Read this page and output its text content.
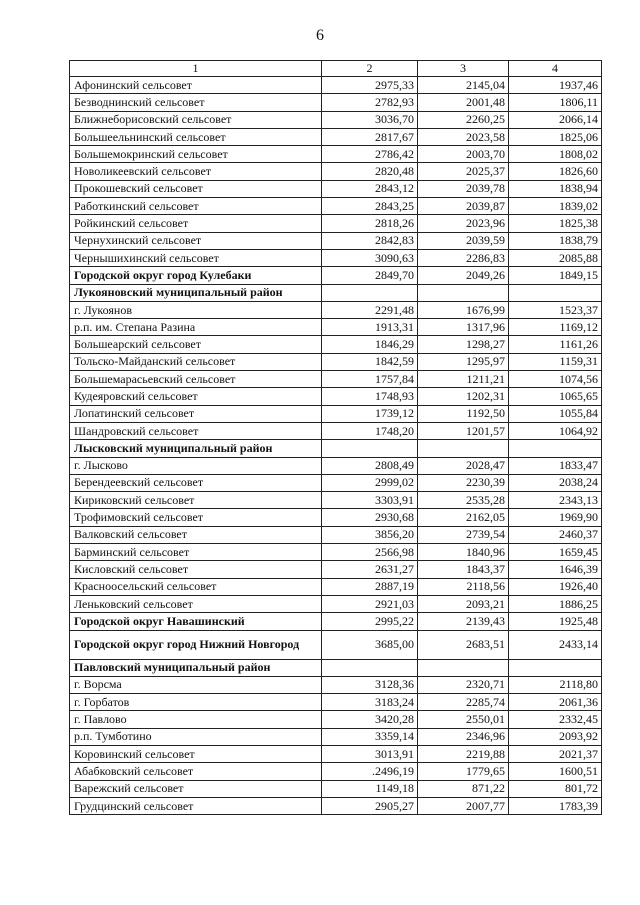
6
1	2	3	4
Афонинский сельсовет	2975,33	2145,04	1937,46
Безводнинский сельсовет	2782,93	2001,48	1806,11
Ближнеборисовский сельсовет	3036,70	2260,25	2066,14
Большеельнинский сельсовет	2817,67	2023,58	1825,06
Большемокринский сельсовет	2786,42	2003,70	1808,02
Новоликеевский сельсовет	2820,48	2025,37	1826,60
Прокошевский сельсовет	2843,12	2039,78	1838,94
Работкинский сельсовет	2843,25	2039,87	1839,02
Ройкинский сельсовет	2818,26	2023,96	1825,38
Чернухинский сельсовет	2842,83	2039,59	1838,79
Чернышихинский сельсовет	3090,63	2286,83	2085,88
Городской округ город Кулебаки	2849,70	2049,26	1849,15
Лукояновский муниципальный район			
г. Лукоянов	2291,48	1676,99	1523,37
р.п. им. Степана Разина	1913,31	1317,96	1169,12
Большеарский сельсовет	1846,29	1298,27	1161,26
Тольско-Майданский сельсовет	1842,59	1295,97	1159,31
Большемарасьевский сельсовет	1757,84	1211,21	1074,56
Кудеяровский сельсовет	1748,93	1202,31	1065,65
Лопатинский сельсовет	1739,12	1192,50	1055,84
Шандровский сельсовет	1748,20	1201,57	1064,92
Лысковский муниципальный район			
г. Лысково	2808,49	2028,47	1833,47
Берендеевский сельсовет	2999,02	2230,39	2038,24
Кириковский сельсовет	3303,91	2535,28	2343,13
Трофимовский сельсовет	2930,68	2162,05	1969,90
Валковский сельсовет	3856,20	2739,54	2460,37
Барминский сельсовет	2566,98	1840,96	1659,45
Кисловский сельсовет	2631,27	1843,37	1646,39
Красноосельский сельсовет	2887,19	2118,56	1926,40
Леньковский сельсовет	2921,03	2093,21	1886,25
Городской округ Навашинский	2995,22	2139,43	1925,48
Городской округ город Нижний Новгород	3685,00	2683,51	2433,14
Павловский муниципальный район			
г. Ворсма	3128,36	2320,71	2118,80
г. Горбатов	3183,24	2285,74	2061,36
г. Павлово	3420,28	2550,01	2332,45
р.п. Тумботино	3359,14	2346,96	2093,92
Коровинский сельсовет	3013,91	2219,88	2021,37
Абабковский сельсовет	.2496,19	1779,65	1600,51
Варежский сельсовет	1149,18	871,22	801,72
Грудцинский сельсовет	2905,27	2007,77	1783,39
